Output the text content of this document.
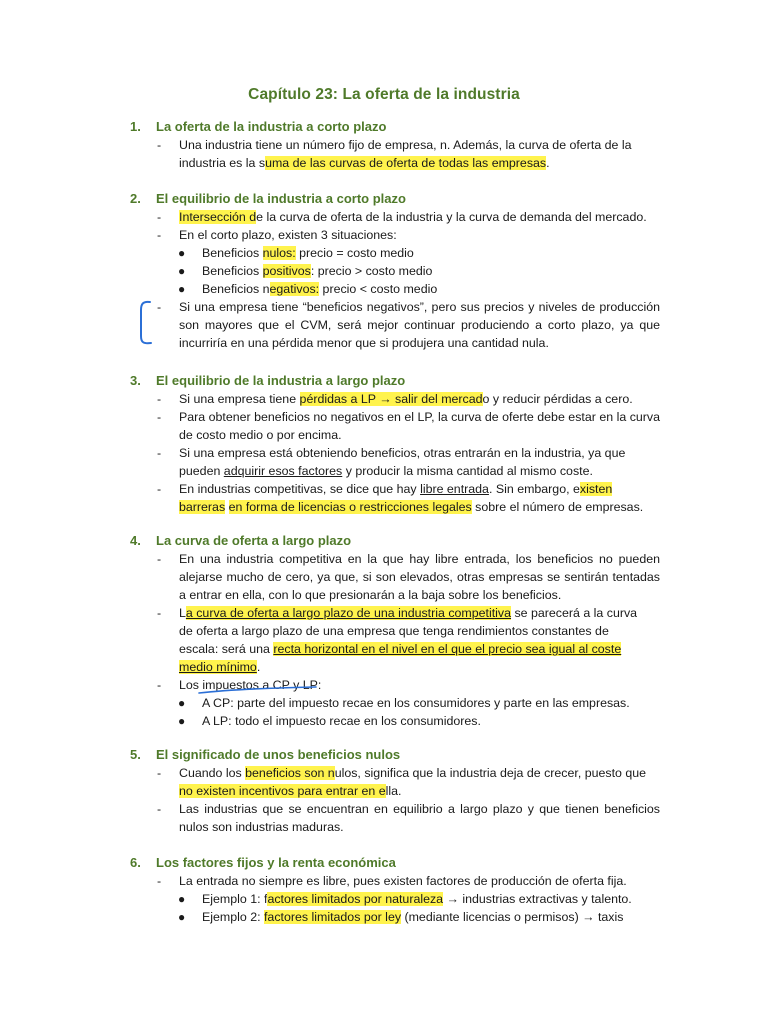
Capítulo 23: La oferta de la industria
1. La oferta de la industria a corto plazo
- Una industria tiene un número fijo de empresa, n. Además, la curva de oferta de la
industria es la suma de las curvas de oferta de todas las empresas.
2. El equilibrio de la industria a corto plazo
- Intersección de la curva de oferta de la industria y la curva de demanda del mercado.
- En el corto plazo, existen 3 situaciones:
● Beneficios nulos: precio = costo medio
● Beneficios positivos: precio > costo medio
● Beneficios negativos: precio < costo medio
- Si una empresa tiene “beneficios negativos”, pero sus precios y niveles de producción son mayores que el CVM, será mejor continuar produciendo a corto plazo, ya que incurriría en una pérdida menor que si produjera una cantidad nula.
3. El equilibrio de la industria a largo plazo
- Si una empresa tiene pérdidas a LP → salir del mercado y reducir pérdidas a cero.
- Para obtener beneficios no negativos en el LP, la curva de oferte debe estar en la curva de costo medio o por encima.
- Si una empresa está obteniendo beneficios, otras entrarán en la industria, ya que
pueden adquirir esos factores y producir la misma cantidad al mismo coste.
- En industrias competitivas, se dice que hay libre entrada. Sin embargo, existen
barreras en forma de licencias o restricciones legales sobre el número de empresas.
4. La curva de oferta a largo plazo
- En una industria competitiva en la que hay libre entrada, los beneficios no pueden alejarse mucho de cero, ya que, si son elevados, otras empresas se sentirán tentadas a entrar en ella, con lo que presionarán a la baja sobre los beneficios.
- La curva de oferta a largo plazo de una industria competitiva se parecerá a la curva
de oferta a largo plazo de una empresa que tenga rendimientos constantes de
escala: será una recta horizontal en el nivel en el que el precio sea igual al coste
medio mínimo.
- Los impuestos a CP y LP:
● A CP: parte del impuesto recae en los consumidores y parte en las empresas.
● A LP: todo el impuesto recae en los consumidores.
5. El significado de unos beneficios nulos
- Cuando los beneficios son nulos, significa que la industria deja de crecer, puesto que
no existen incentivos para entrar en ella.
- Las industrias que se encuentran en equilibrio a largo plazo y que tienen beneficios nulos son industrias maduras.
6. Los factores fijos y la renta económica
- La entrada no siempre es libre, pues existen factores de producción de oferta fija.
● Ejemplo 1: factores limitados por naturaleza → industrias extractivas y talento.
● Ejemplo 2: factores limitados por ley (mediante licencias o permisos) → taxis
